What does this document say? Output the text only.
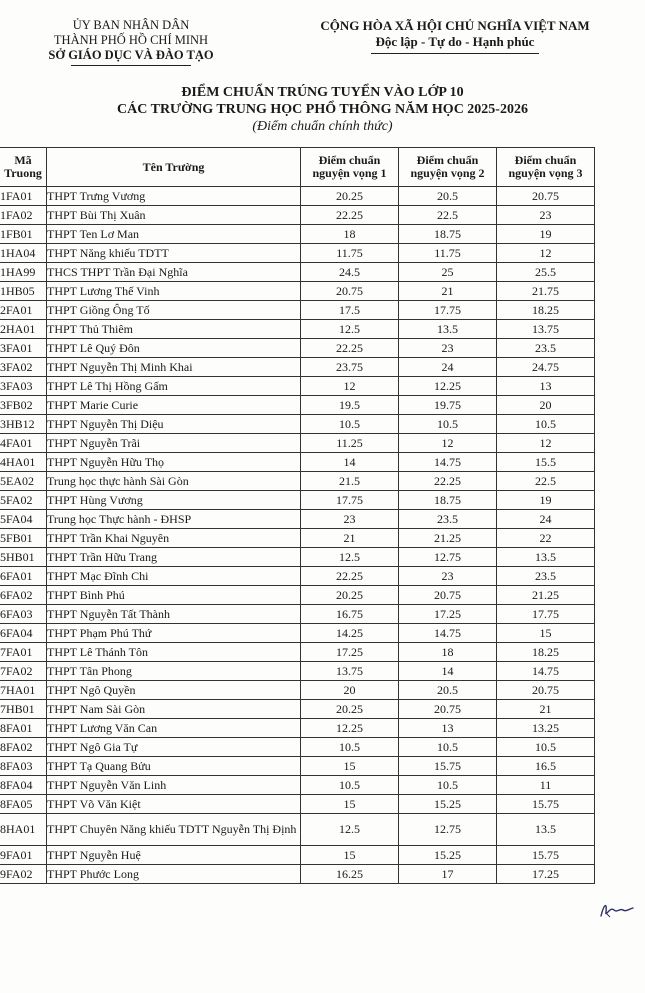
ỦY BAN NHÂN DÂN
THÀNH PHỐ HỒ CHÍ MINH
SỞ GIÁO DỤC VÀ ĐÀO TẠO
CỘNG HÒA XÃ HỘI CHỦ NGHĨA VIỆT NAM
Độc lập - Tự do - Hạnh phúc
ĐIỂM CHUẨN TRÚNG TUYỂN VÀO LỚP 10
CÁC TRƯỜNG TRUNG HỌC PHỔ THÔNG NĂM HỌC 2025-2026
(Điểm chuẩn chính thức)
Mã Truong	Tên Trường	Điểm chuẩn nguyện vọng 1	Điểm chuẩn nguyện vọng 2	Điểm chuẩn nguyện vọng 3
1FA01	THPT Trưng Vương	20.25	20.5	20.75
1FA02	THPT Bùi Thị Xuân	22.25	22.5	23
1FB01	THPT Ten Lơ Man	18	18.75	19
1HA04	THPT Năng khiếu TDTT	11.75	11.75	12
1HA99	THCS THPT Trần Đại Nghĩa	24.5	25	25.5
1HB05	THPT Lương Thế Vinh	20.75	21	21.75
2FA01	THPT Giồng Ông Tố	17.5	17.75	18.25
2HA01	THPT Thủ Thiêm	12.5	13.5	13.75
3FA01	THPT Lê Quý Đôn	22.25	23	23.5
3FA02	THPT Nguyễn Thị Minh Khai	23.75	24	24.75
3FA03	THPT Lê Thị Hồng Gấm	12	12.25	13
3FB02	THPT Marie Curie	19.5	19.75	20
3HB12	THPT Nguyễn Thị Diệu	10.5	10.5	10.5
4FA01	THPT Nguyễn Trãi	11.25	12	12
4HA01	THPT Nguyễn Hữu Thọ	14	14.75	15.5
5EA02	Trung học thực hành Sài Gòn	21.5	22.25	22.5
5FA02	THPT Hùng Vương	17.75	18.75	19
5FA04	Trung học Thực hành - ĐHSP	23	23.5	24
5FB01	THPT Trần Khai Nguyên	21	21.25	22
5HB01	THPT Trần Hữu Trang	12.5	12.75	13.5
6FA01	THPT Mạc Đĩnh Chi	22.25	23	23.5
6FA02	THPT Bình Phú	20.25	20.75	21.25
6FA03	THPT Nguyễn Tất Thành	16.75	17.25	17.75
6FA04	THPT Phạm Phú Thứ	14.25	14.75	15
7FA01	THPT Lê Thánh Tôn	17.25	18	18.25
7FA02	THPT Tân Phong	13.75	14	14.75
7HA01	THPT Ngô Quyền	20	20.5	20.75
7HB01	THPT Nam Sài Gòn	20.25	20.75	21
8FA01	THPT Lương Văn Can	12.25	13	13.25
8FA02	THPT Ngô Gia Tự	10.5	10.5	10.5
8FA03	THPT Tạ Quang Bửu	15	15.75	16.5
8FA04	THPT Nguyễn Văn Linh	10.5	10.5	11
8FA05	THPT Võ Văn Kiệt	15	15.25	15.75
8HA01	THPT Chuyên Năng khiếu TDTT Nguyễn Thị Định	12.5	12.75	13.5
9FA01	THPT Nguyễn Huệ	15	15.25	15.75
9FA02	THPT Phước Long	16.25	17	17.25
